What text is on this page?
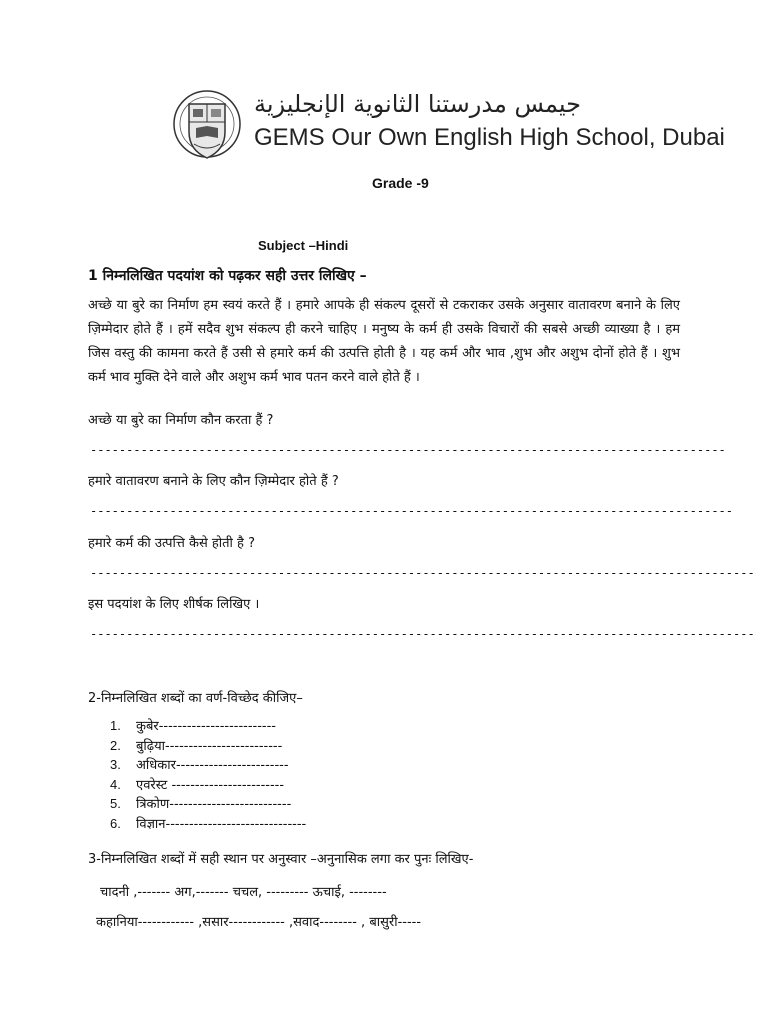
جيمس مدرستنا الثانوية الإنجليزية
GEMS Our Own English High School, Dubai
Grade -9
Subject –Hindi
1 निम्नलिखित पदयांश को पढ़कर सही उत्तर लिखिए –

अच्छे या बुरे का निर्माण हम स्वयं करते हैं । हमारे आपके ही संकल्प दूसरों से टकराकर उसके अनुसार वातावरण बनाने के लिए ज़िम्मेदार होते हैं । हमें सदैव शुभ संकल्प ही करने चाहिए । मनुष्य के कर्म ही उसके विचारों की सबसे अच्छी व्याख्या है । हम जिस वस्तु की कामना करते हैं उसी से हमारे कर्म की उत्पत्ति होती है । यह कर्म और भाव ,शुभ और अशुभ दोनों होते हैं । शुभ कर्म भाव मुक्ति देने वाले और अशुभ कर्म भाव पतन करने वाले होते हैं ।

अच्छे या बुरे का निर्माण कौन करता हैं ?
----------------------------------------------------------------------------------------
हमारे वातावरण बनाने के लिए कौन ज़िम्मेदार होते हैं ?
-----------------------------------------------------------------------------------------
हमारे कर्म की उत्पत्ति कैसे होती है ?
--------------------------------------------------------------------------------------------
इस पदयांश के लिए शीर्षक लिखिए ।
--------------------------------------------------------------------------------------------
2-निम्नलिखित शब्दों का वर्ण-विच्छेद कीजिए–
1. कुबेर-------------------------
2. बुढ़िया-------------------------
3. अधिकार------------------------
4. एवरेस्ट ------------------------
5. त्रिकोण--------------------------
6. विज्ञान------------------------------
3-निम्नलिखित शब्दों में सही स्थान पर अनुस्वार –अनुनासिक लगा कर पुनः लिखिए-
चादनी ,------- अग,------- चचल, --------- ऊचाई, --------
कहानिया------------ ,ससार------------ ,सवाद-------- , बासुरी-----
